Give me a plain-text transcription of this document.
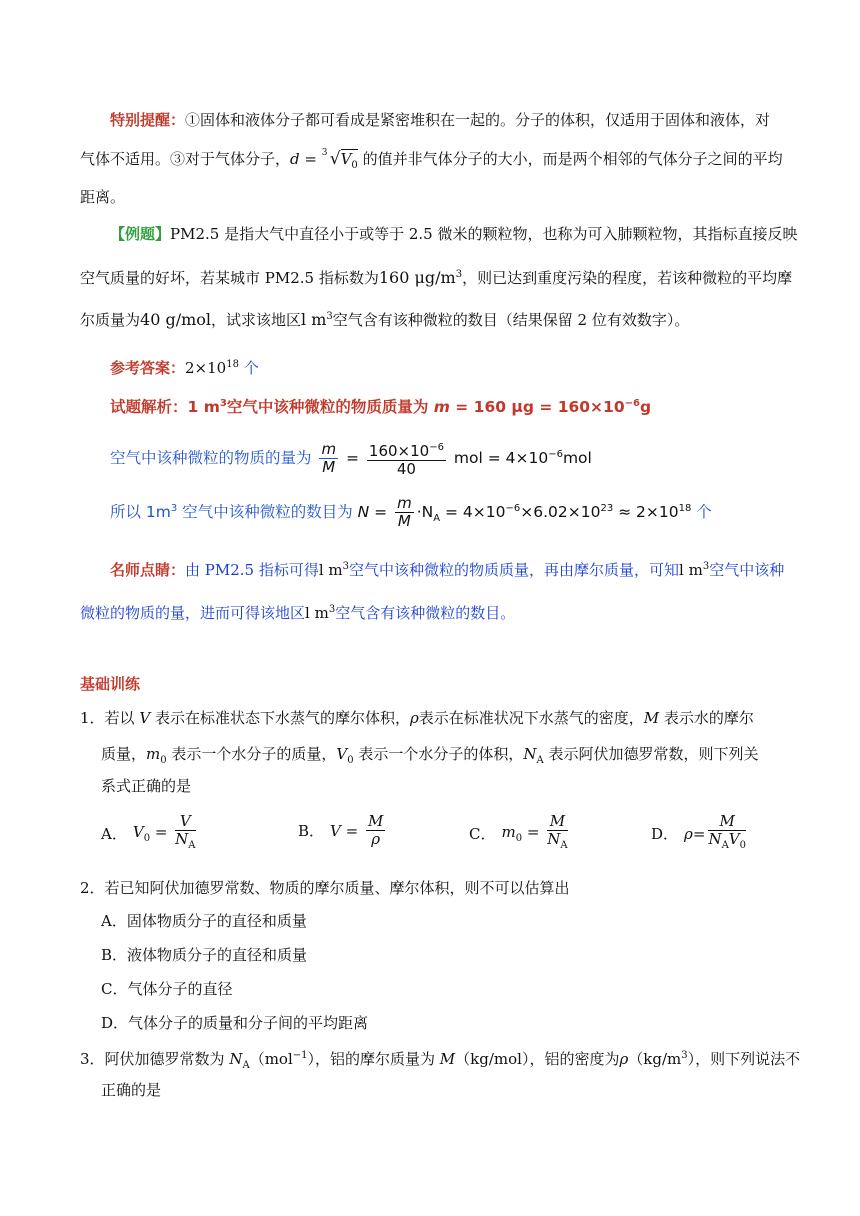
特别提醒：①固体和液体分子都可看成是紧密堆积在一起的。分子的体积，仅适用于固体和液体，对
气体不适用。③对于气体分子，d = 3 $√V_0$ 的值并非气体分子的大小，而是两个相邻的气体分子之间的平均
距离。
【例题】PM2.5 是指大气中直径小于或等于 2.5 微米的颗粒物，也称为可入肺颗粒物，其指标直接反映
空气质量的好坏，若某城市 PM2.5 指标数为160 $\mu g/m^3$，则已达到重度污染的程度，若该种微粒的平均摩
尔质量为40 g/mol，试求该地区l $m^3$空气含有该种微粒的数目（结果保留 2 位有效数字）。
参考答案：$2\times 10^{18}$ 个
试题解析：1 $m^3$空气中该种微粒的物质质量为 m = 160 $\mu g = 160\times 10^{-6}g$
空气中该种微粒的物质的量为 $\frac{m}{M} = \frac{160\times 10^{-6}}{40}$ mol = $4\times 10^{-6}mol$
所以 $1m^3$ 空气中该种微粒的数目为 $N = \frac{m}{M} \cdot N_A = 4\times 10^{-6}\times 6.02\times 10^{23} \approx 2\times 10^{18}$ 个
名师点睛：由 PM2.5 指标可得l $m^3$空气中该种微粒的物质质量，再由摩尔质量，可知l $m^3$空气中该种
微粒的物质的量，进而可得该地区l $m^3$空气含有该种微粒的数目。
基础训练
1．若以 V 表示在标准状态下水蒸气的摩尔体积，ρ表示在标准状况下水蒸气的密度，M 表示水的摩尔
质量，$m_0$ 表示一个水分子的质量，$V_0$ 表示一个水分子的体积，$N_A$ 表示阿伏加德罗常数，则下列关
系式正确的是
A． $V_0 = \frac{V}{N_A}$	B． $V = \frac{M}{\rho}$	C． $m_0 = \frac{M}{N_A}$	D． $\rho= \frac{M}{N_AV_0}$
2．若已知阿伏加德罗常数、物质的摩尔质量、摩尔体积，则不可以估算出
A．固体物质分子的直径和质量
B．液体物质分子的直径和质量
C．气体分子的直径
D．气体分子的质量和分子间的平均距离
3．阿伏加德罗常数为 $N_A(mol^{-1})$，铝的摩尔质量为 M（kg/mol），铝的密度为$\rho(kg/m^3)$，则下列说法不
正确的是
